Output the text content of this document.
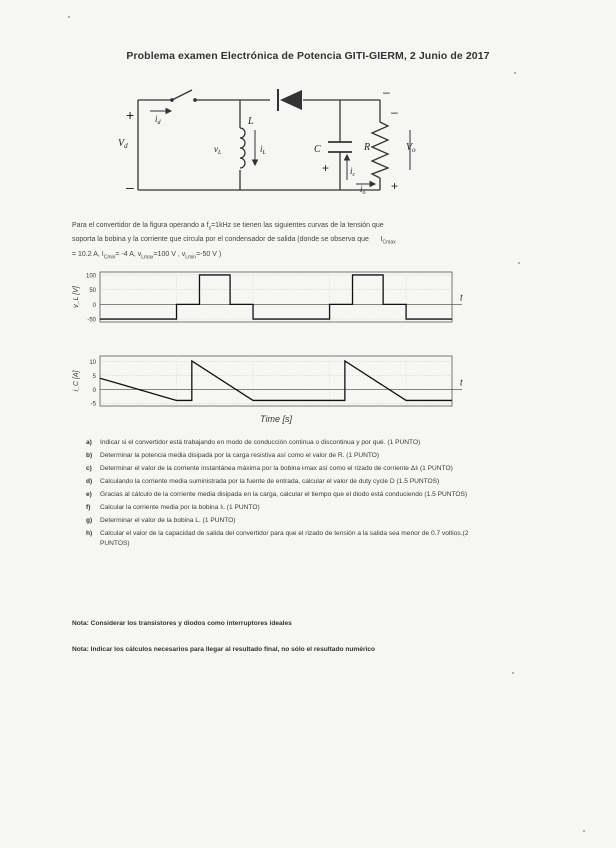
Problema examen Electrónica de Potencia GITI-GIERM, 2 Junio de 2017
+
–
$V_d$
$i_d$	L
$v_L$	$i_L$	C
+ $i_c$
$i_o$
R	$V_o$
–
–
+
Para el convertidor de la figura operando a $f_s=1kHz$ se tienen las siguientes curvas de la tensión que
soporta la bobina y la corriente que circula por el condensador de salida (donde se observa que $I_{Cmax}$
= 10.2 A, $I_{Cmin}= -4$ A, $v_{Lmax}=100$ V , $v_{Lmin}=-50$ V )
100
50
0
-50
t
v_L [V]
10
5
0
-5
t
i_C [A]
Time [s]
a) Indicar si el convertidor está trabajando en modo de conducción continua o discontinua y por qué. (1 PUNTO)
b) Determinar la potencia media disipada por la carga resistiva así como el valor de R. (1 PUNTO)
c) Determinar el valor de la corriente instantánea máxima por la bobina iₗmax así como el rizado de corriente ΔIₗ (1 PUNTO)
d) Calculando la corriente media suministrada por la fuente de entrada, calcular el valor de duty cycle D (1.5 PUNTOS)
e) Gracias al cálculo de la corriente media disipada en la carga, calcular el tiempo que el diodo está conduciendo (1.5 PUNTOS)
f) Calcular la corriente media por la bobina Iₗ. (1 PUNTO)
g) Determinar el valor de la bobina L. (1 PUNTO)
h) Calcular el valor de la capacidad de salida del convertidor para que el rizado de tensión a la salida sea menor de 0.7 voltios.(2 PUNTOS)
Nota: Considerar los transistores y diodos como interruptores ideales
Nota: Indicar los cálculos necesarios para llegar al resultado final, no sólo el resultado numérico
